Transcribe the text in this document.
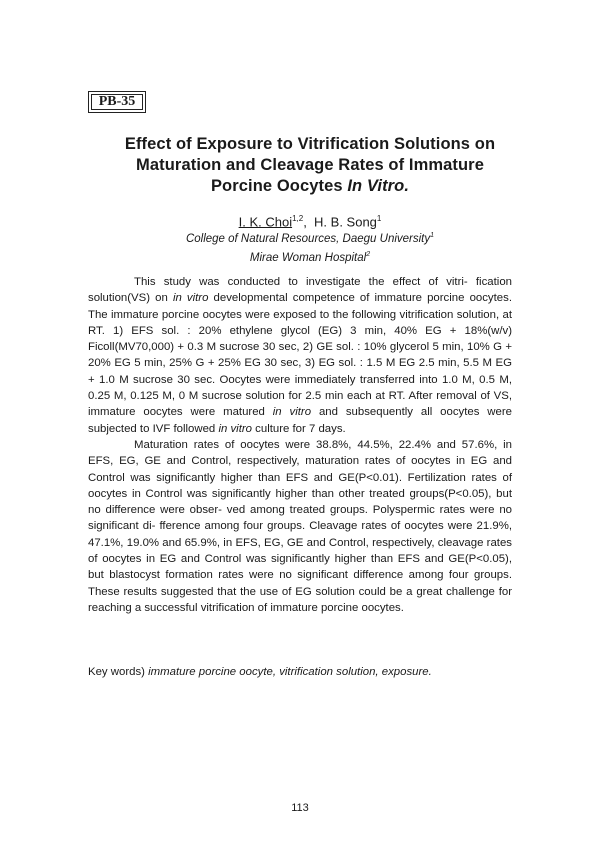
PB-35
Effect of Exposure to Vitrification Solutions on
Maturation and Cleavage Rates of Immature
Porcine Oocytes In Vitro.
I. K. Choi$^{1,2}$,  H. B. Song$^1$
College of Natural Resources, Daegu University$^1$
Mirae Woman Hospital$^2$

This study was conducted to investigate the effect of vitri- fication solution(VS) on in vitro developmental competence of immature porcine oocytes. The immature porcine oocytes were exposed to the following vitrification solution, at RT. 1) EFS sol. : 20% ethylene glycol (EG) 3 min, 40% EG + 18%(w/v) Ficoll(MV70,000) + 0.3 M sucrose 30 sec, 2) GE sol. : 10% glycerol 5 min, 10% G + 20% EG 5 min, 25% G + 25% EG 30 sec, 3) EG sol. : 1.5 M EG 2.5 min, 5.5 M EG + 1.0 M sucrose 30 sec. Oocytes were immediately transferred into 1.0 M, 0.5 M, 0.25 M, 0.125 M, 0 M sucrose solution for 2.5 min each at RT. After removal of VS, immature oocytes were matured in vitro and subsequently all oocytes were subjected to IVF followed in vitro culture for 7 days.

Maturation rates of oocytes were 38.8%, 44.5%, 22.4% and 57.6%, in EFS, EG, GE and Control, respectively, maturation rates of oocytes in EG and Control was significantly higher than EFS and GE(P<0.01). Fertilization rates of oocytes in Control was significantly higher than other treated groups(P<0.05), but no difference were obser- ved among treated groups. Polyspermic rates were no significant di- fference among four groups. Cleavage rates of oocytes were 21.9%, 47.1%, 19.0% and 65.9%, in EFS, EG, GE and Control, respectively, cleavage rates of oocytes in EG and Control was significantly higher than EFS and GE(P<0.05), but blastocyst formation rates were no significant difference among four groups. These results suggested that the use of EG solution could be a great challenge for reaching a successful vitrification of immature porcine oocytes.

Key words) immature porcine oocyte, vitrification solution, exposure.
113
